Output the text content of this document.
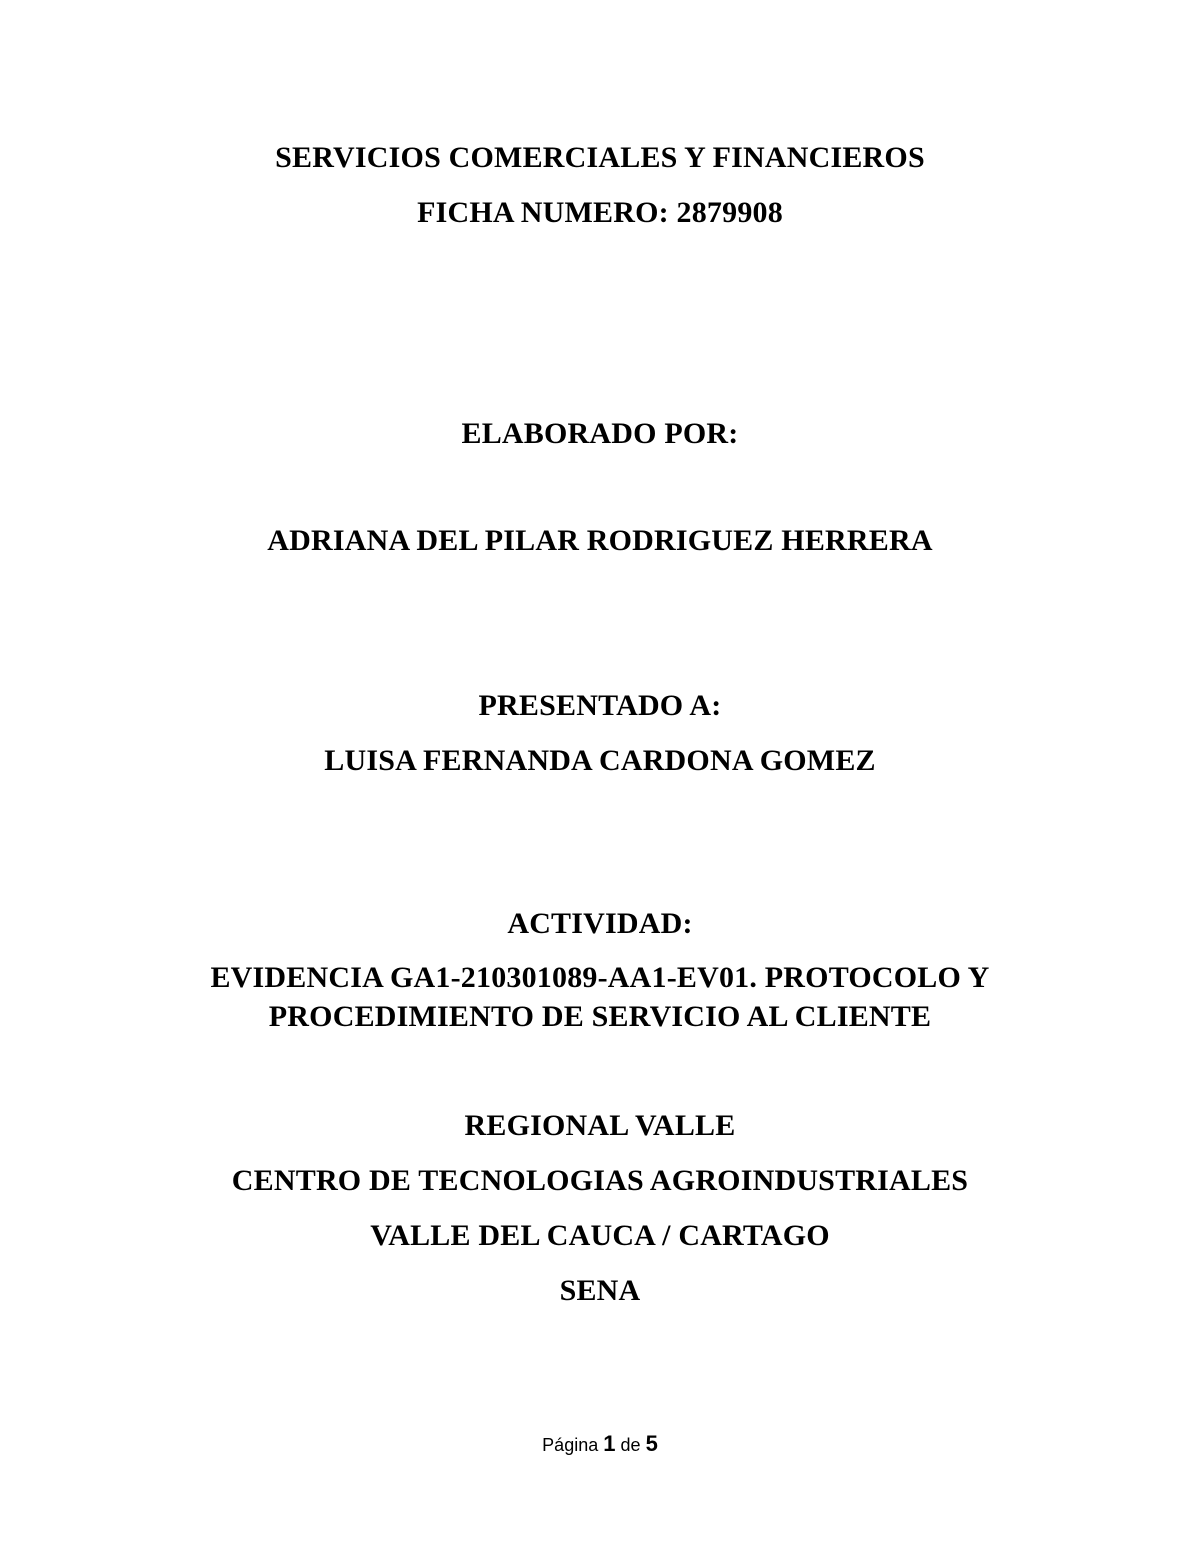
SERVICIOS COMERCIALES Y FINANCIEROS
FICHA NUMERO: 2879908
ELABORADO POR:
ADRIANA DEL PILAR RODRIGUEZ HERRERA
PRESENTADO A:
LUISA FERNANDA CARDONA GOMEZ
ACTIVIDAD:
EVIDENCIA GA1-210301089-AA1-EV01. PROTOCOLO Y
PROCEDIMIENTO DE SERVICIO AL CLIENTE
REGIONAL VALLE
CENTRO DE TECNOLOGIAS AGROINDUSTRIALES
VALLE DEL CAUCA / CARTAGO
SENA
Página 1 de 5
